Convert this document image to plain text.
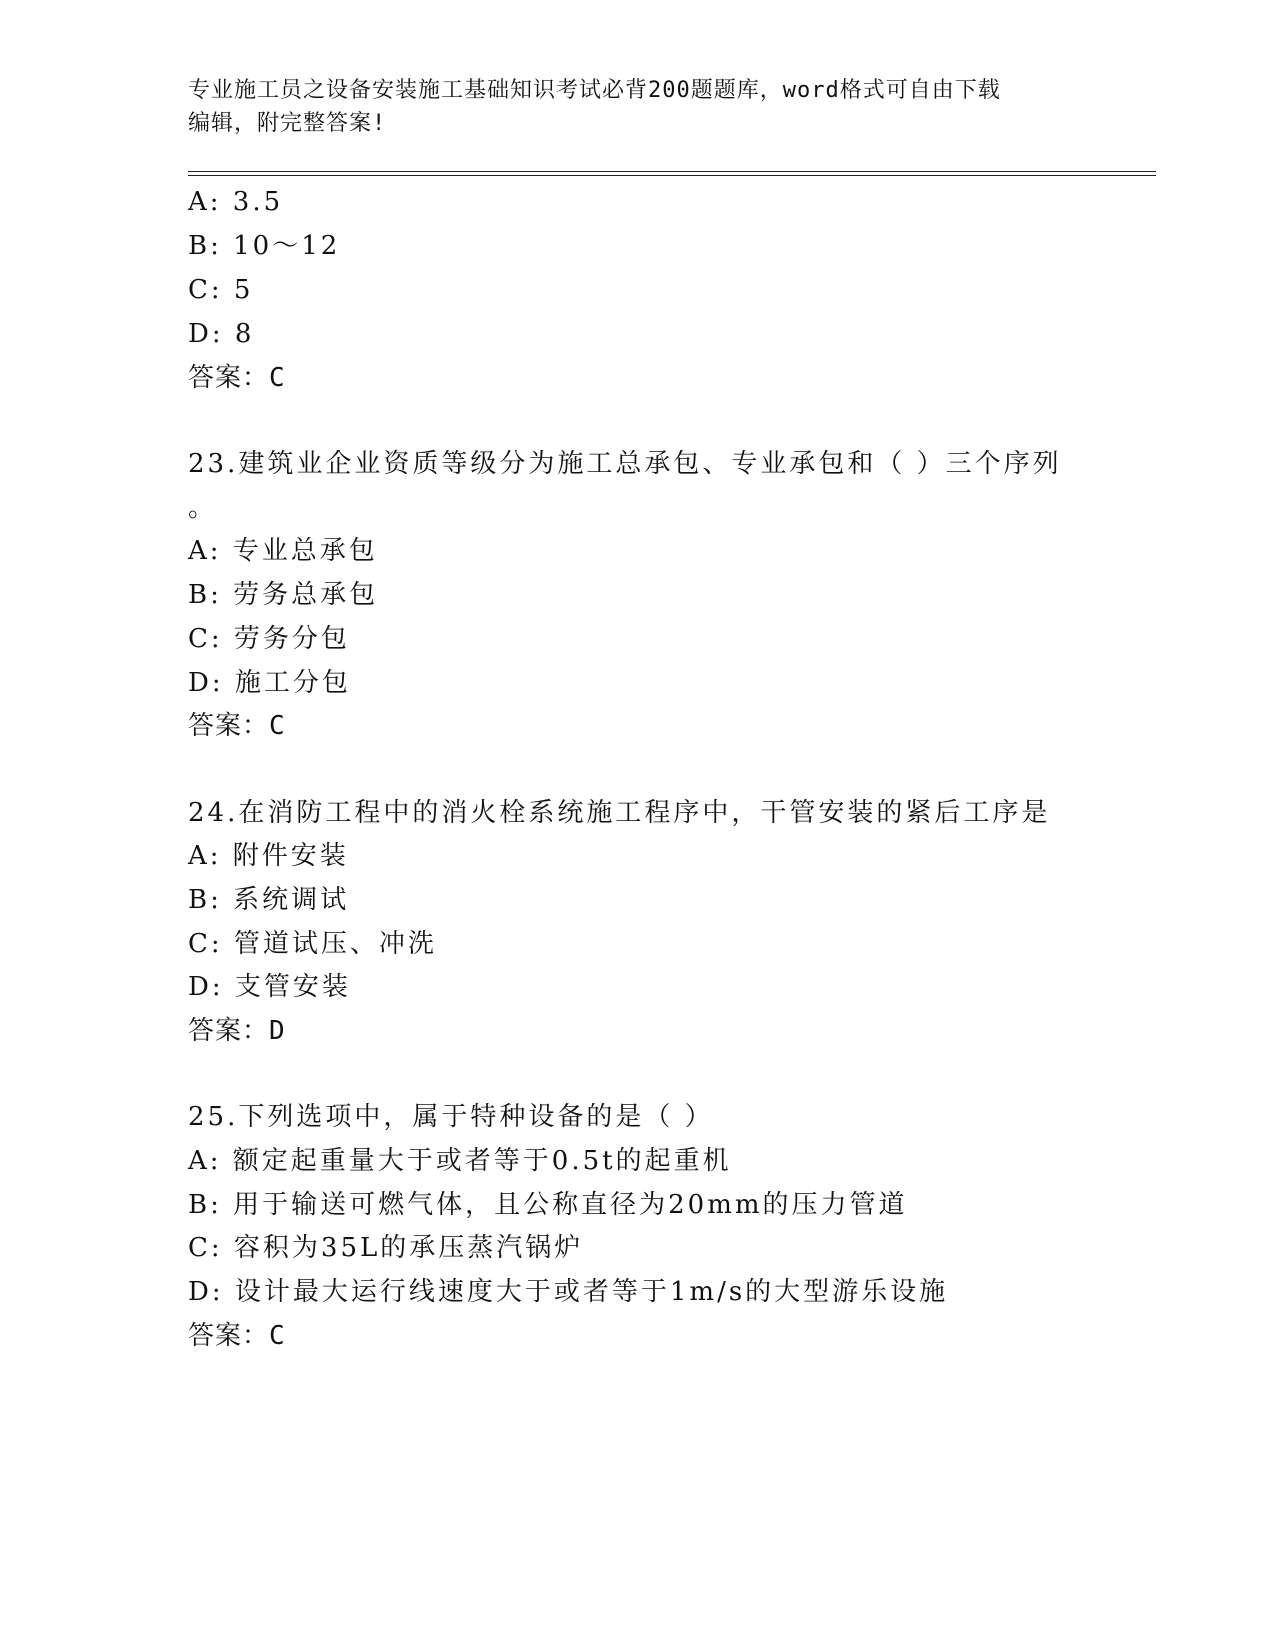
专业施工员之设备安装施工基础知识考试必背200题题库，word格式可自由下载
编辑，附完整答案!
A: 3.5
B: 10～12
C: 5
D: 8
答案：C
23.建筑业企业资质等级分为施工总承包、专业承包和（ ）三个序列
。
A: 专业总承包
B: 劳务总承包
C: 劳务分包
D: 施工分包
答案：C
24.在消防工程中的消火栓系统施工程序中，干管安装的紧后工序是
A: 附件安装
B: 系统调试
C: 管道试压、冲洗
D: 支管安装
答案：D
25.下列选项中，属于特种设备的是（ ）
A: 额定起重量大于或者等于0.5t的起重机
B: 用于输送可燃气体，且公称直径为20mm的压力管道
C: 容积为35L的承压蒸汽锅炉
D: 设计最大运行线速度大于或者等于1m/s的大型游乐设施
答案：C
